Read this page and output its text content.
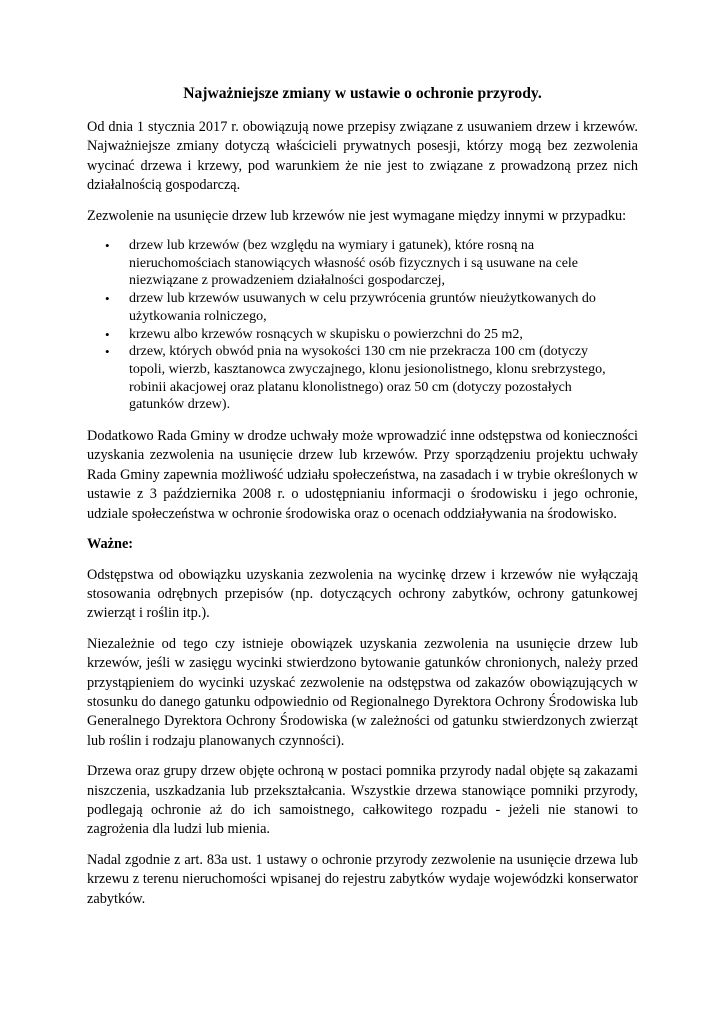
Najważniejsze zmiany w ustawie o ochronie przyrody.

Od dnia 1 stycznia 2017 r. obowiązują nowe przepisy związane z usuwaniem drzew i krzewów. Najważniejsze zmiany dotyczą właścicieli prywatnych posesji, którzy mogą bez zezwolenia wycinać drzewa i krzewy, pod warunkiem że nie jest to związane z prowadzoną przez nich działalnością gospodarczą.

Zezwolenie na usunięcie drzew lub krzewów nie jest wymagane między innymi w przypadku:

•	drzew lub krzewów (bez względu na wymiary i gatunek), które rosną na nieruchomościach stanowiących własność osób fizycznych i są usuwane na cele niezwiązane z prowadzeniem działalności gospodarczej,
•	drzew lub krzewów usuwanych w celu przywrócenia gruntów nieużytkowanych do użytkowania rolniczego,
•	krzewu albo krzewów rosnących w skupisku o powierzchni do 25 m2,
•	drzew, których obwód pnia na wysokości 130 cm nie przekracza 100 cm (dotyczy topoli, wierzb, kasztanowca zwyczajnego, klonu jesionolistnego, klonu srebrzystego, robinii akacjowej oraz platanu klonolistnego) oraz 50 cm (dotyczy pozostałych gatunków drzew).

Dodatkowo Rada Gminy w drodze uchwały może wprowadzić inne odstępstwa od konieczności uzyskania zezwolenia na usunięcie drzew lub krzewów. Przy sporządzeniu projektu uchwały Rada Gminy zapewnia możliwość udziału społeczeństwa, na zasadach i w trybie określonych w ustawie z 3 października 2008 r. o udostępnianiu informacji o środowisku i jego ochronie, udziale społeczeństwa w ochronie środowiska oraz o ocenach oddziaływania na środowisko.

Ważne:

Odstępstwa od obowiązku uzyskania zezwolenia na wycinkę drzew i krzewów nie wyłączają stosowania odrębnych przepisów (np. dotyczących ochrony zabytków, ochrony gatunkowej zwierząt i roślin itp.).

Niezależnie od tego czy istnieje obowiązek uzyskania zezwolenia na usunięcie drzew lub krzewów, jeśli w zasięgu wycinki stwierdzono bytowanie gatunków chronionych, należy przed przystąpieniem do wycinki uzyskać zezwolenie na odstępstwa od zakazów obowiązujących w stosunku do danego gatunku odpowiednio od Regionalnego Dyrektora Ochrony Środowiska lub Generalnego Dyrektora Ochrony Środowiska (w zależności od gatunku stwierdzonych zwierząt lub roślin i rodzaju planowanych czynności).

Drzewa oraz grupy drzew objęte ochroną w postaci pomnika przyrody nadal objęte są zakazami niszczenia, uszkadzania lub przekształcania. Wszystkie drzewa stanowiące pomniki przyrody, podlegają ochronie aż do ich samoistnego, całkowitego rozpadu - jeżeli nie stanowi to zagrożenia dla ludzi lub mienia.

Nadal zgodnie z art. 83a ust. 1 ustawy o ochronie przyrody zezwolenie na usunięcie drzewa lub krzewu z terenu nieruchomości wpisanej do rejestru zabytków wydaje wojewódzki konserwator zabytków.
